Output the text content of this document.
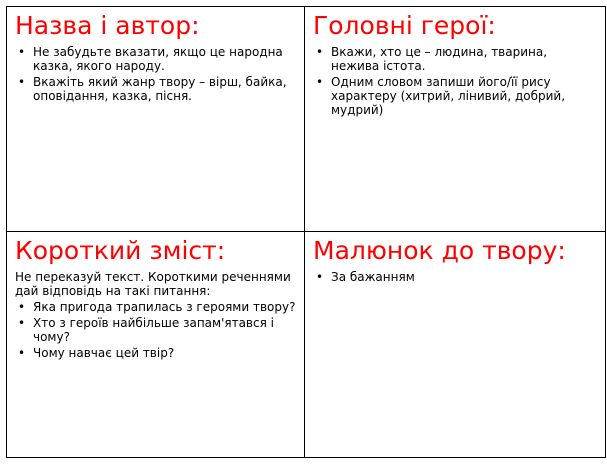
Назва і автор:
• Не забудьте вказати, якщо це народна казка, якого народу.
• Вкажіть який жанр твору – вірш, байка, оповідання, казка, пісня.
Головні герої:
• Вкажи, хто це – людина, тварина, нежива істота.
• Одним словом запиши його/її рису характеру (хитрий, лінивий, добрий, мудрий)
Короткий зміст:
Не переказуй текст. Короткими реченнями дай відповідь на такі питання:
• Яка пригода трапилась з героями твору?
• Хто з героїв найбільше запам'ятався і чому?
• Чому навчає цей твір?
Малюнок до твору:
• За бажанням
